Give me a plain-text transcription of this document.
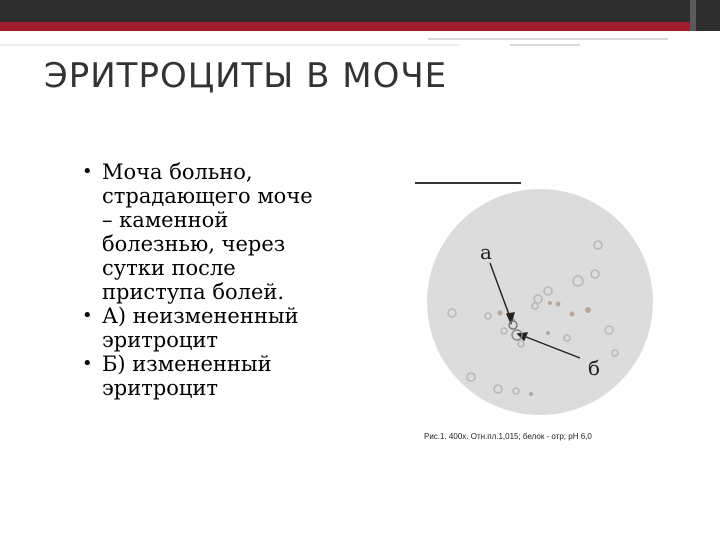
ЭРИТРОЦИТЫ В МОЧЕ
• Моча больно,
страдающего моче
– каменной
болезнью, через
сутки после
приступа болей.
• А) неизмененный
эритроцит
• Б) измененный
эритроцит
а
б
Рис.1. 400х. Отн.пл.1,015; белок - отр; pH 6,0
